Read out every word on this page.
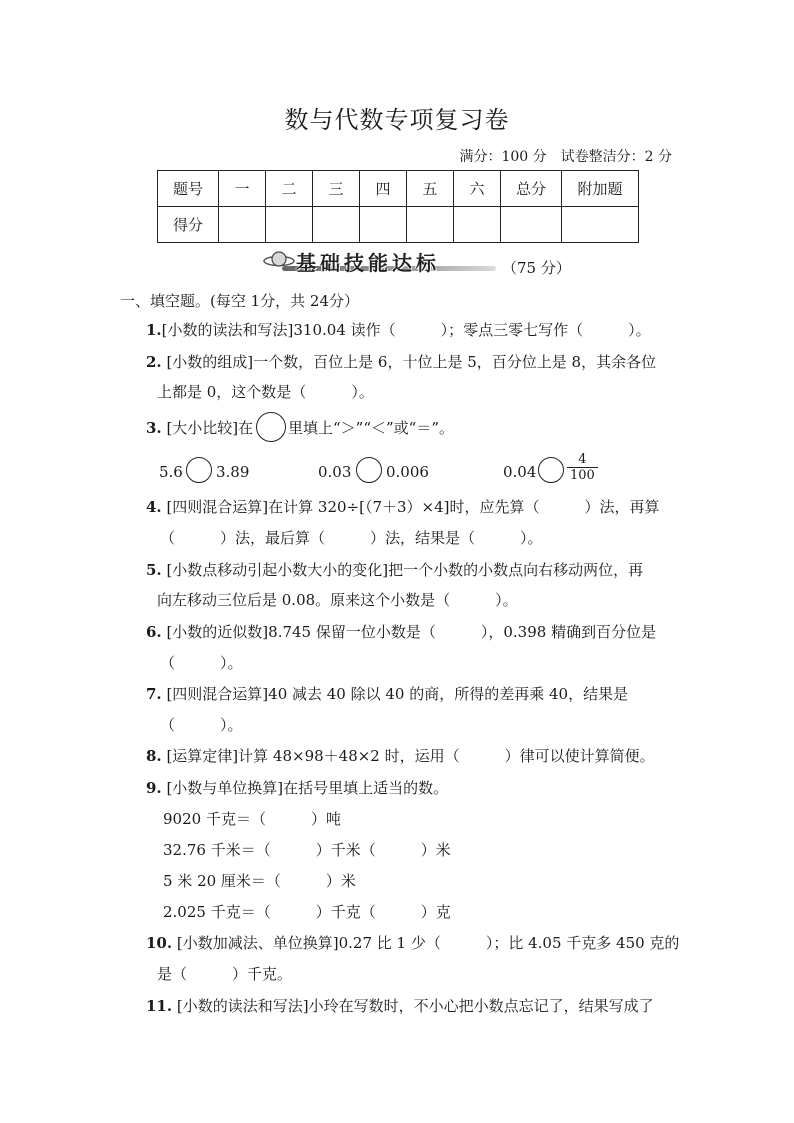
数与代数专项复习卷
满分：100 分　试卷整洁分：2 分
题号	一	二	三	四	五	六	总分	附加题
得分								
基础技能达标	（75 分）
一、填空题。(每空 1分，共 24分）
1.[小数的读法和写法]310.04 读作（　　　）；零点三零七写作（　　　）。
2. [小数的组成]一个数，百位上是 6，十位上是 5，百分位上是 8，其余各位
上都是 0，这个数是（　　　）。
3. [大小比较]在 里填上“＞”“＜”或“＝”。
5.6 3.89	0.03 0.006	$0.04 \frac{4}{100}$
4. [四则混合运算]在计算 320÷[（7＋3）×4]时，应先算（　　　）法，再算
（　　　）法，最后算（　　　）法，结果是（　　　）。
5. [小数点移动引起小数大小的变化]把一个小数的小数点向右移动两位，再
向左移动三位后是 0.08。原来这个小数是（　　　）。
6. [小数的近似数]8.745 保留一位小数是（　　　），0.398 精确到百分位是
（　　　）。
7. [四则混合运算]40 减去 40 除以 40 的商，所得的差再乘 40，结果是
（　　　）。
8. [运算定律]计算 48×98＋48×2 时，运用（　　　）律可以使计算简便。
9. [小数与单位换算]在括号里填上适当的数。
9020 千克＝（　　　）吨
32.76 千米＝（　　　）千米（　　　）米
5 米 20 厘米＝（　　　）米
2.025 千克＝（　　　）千克（　　　）克
10. [小数加减法、单位换算]0.27 比 1 少（　　　）；比 4.05 千克多 450 克的
是（　　　）千克。
11. [小数的读法和写法]小玲在写数时，不小心把小数点忘记了，结果写成了
